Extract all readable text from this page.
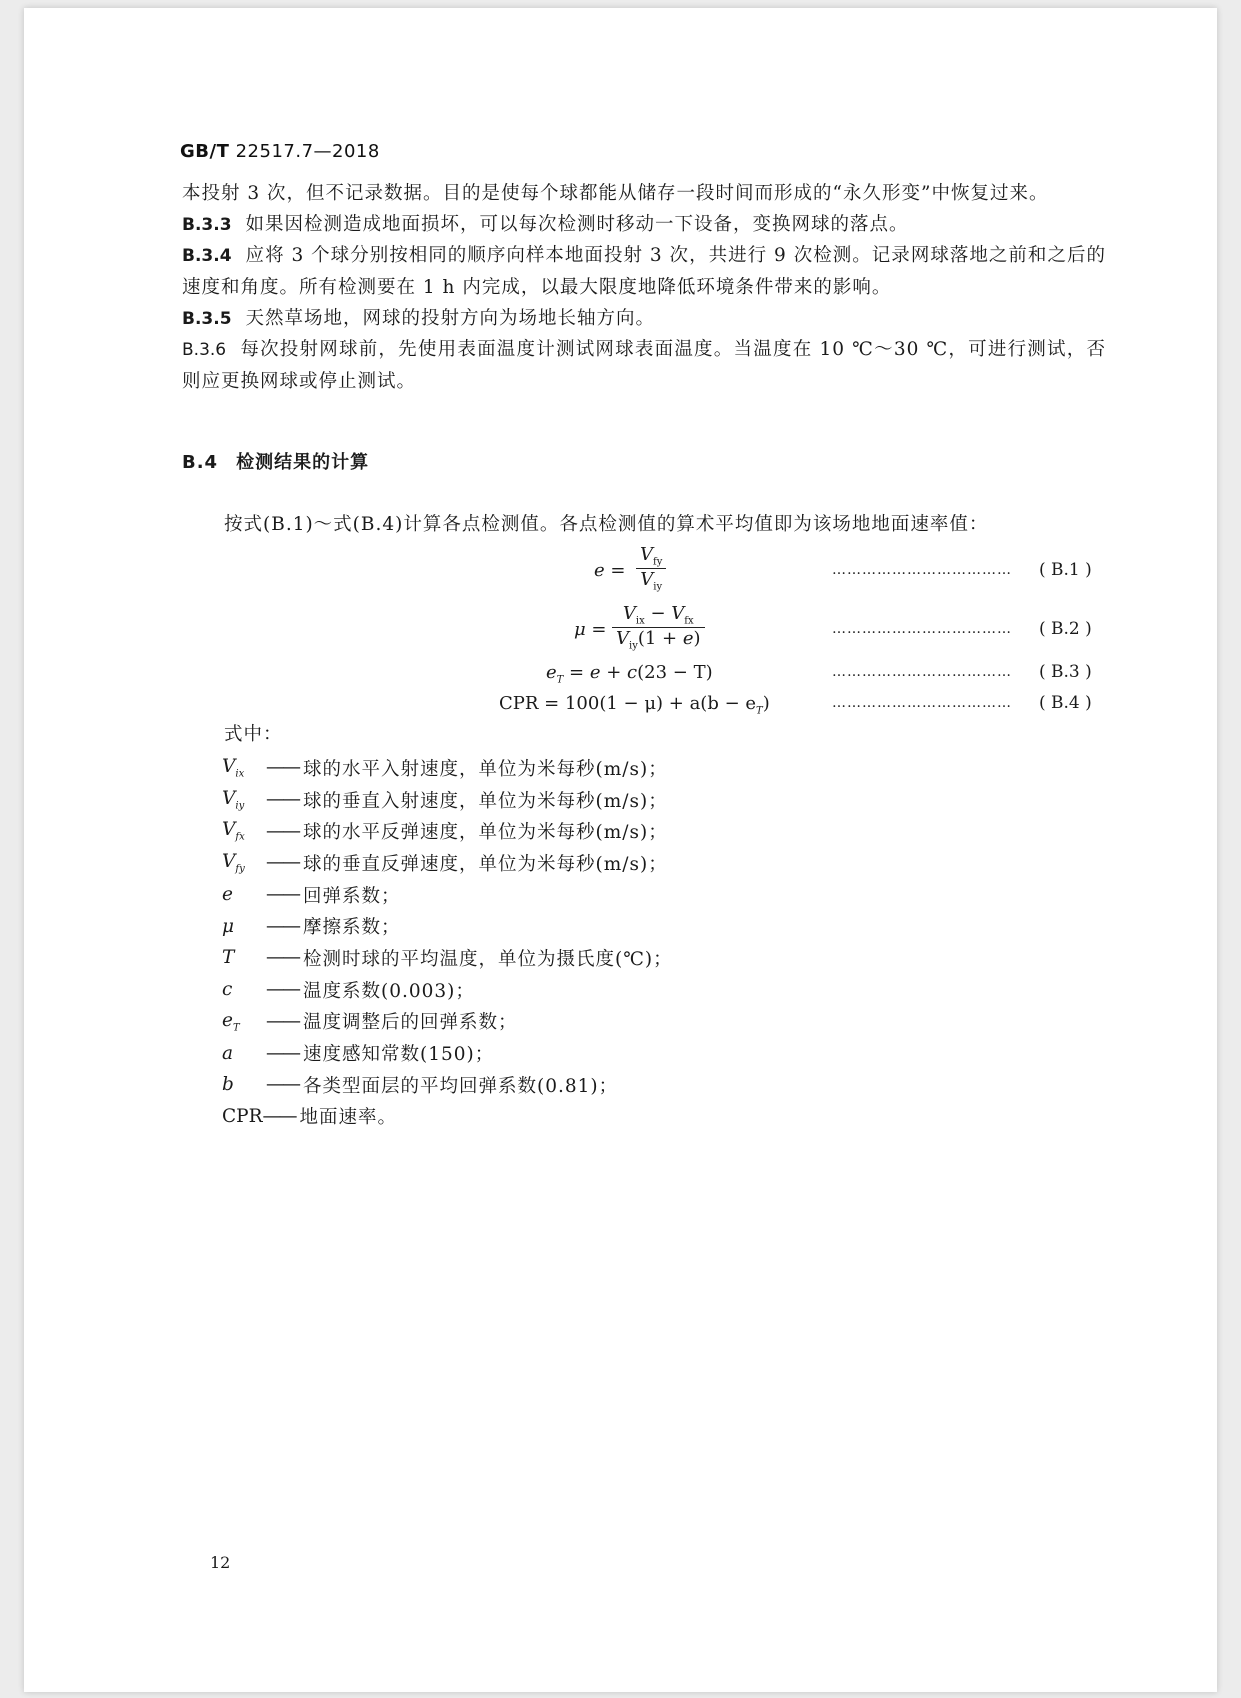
GB/T 22517.7—2018
本投射 3 次，但不记录数据。目的是使每个球都能从储存一段时间而形成的“永久形变”中恢复过来。
B.3.3 如果因检测造成地面损坏，可以每次检测时移动一下设备，变换网球的落点。
B.3.4 应将 3 个球分别按相同的顺序向样本地面投射 3 次，共进行 9 次检测。记录网球落地之前和之后的速度和角度。所有检测要在 1 h 内完成，以最大限度地降低环境条件带来的影响。
B.3.5 天然草场地，网球的投射方向为场地长轴方向。
B.3.6 每次投射网球前，先使用表面温度计测试网球表面温度。当温度在 10 ℃～30 ℃，可进行测试，否则应更换网球或停止测试。
B.4 检测结果的计算
按式(B.1)～式(B.4)计算各点检测值。各点检测值的算术平均值即为该场地地面速率值：
$e = \frac{V_{fy}}{V_{iy}}$	……………………………… ( B.1 )
$\mu = \frac{V_{ix} - V_{fx}}{V_{iy}(1 + e)}$	……………………………… ( B.2 )
$e_T = e + c(23 - T)$	……………………………… ( B.3 )
CPR = $100(1 - \mu) + a(b - e_T)$	……………………………… ( B.4 )
式中：
$V_{ix}$	—— 球的水平入射速度，单位为米每秒(m/s)；
$V_{iy}$	—— 球的垂直入射速度，单位为米每秒(m/s)；
$V_{fx}$	—— 球的水平反弹速度，单位为米每秒(m/s)；
$V_{fy}$	—— 球的垂直反弹速度，单位为米每秒(m/s)；
e	—— 回弹系数；
μ	—— 摩擦系数；
T	—— 检测时球的平均温度，单位为摄氏度(℃)；
c	—— 温度系数(0.003)；
$e_T$	—— 温度调整后的回弹系数；
a	—— 速度感知常数(150)；
b	—— 各类型面层的平均回弹系数(0.81)；
CPR —— 地面速率。
12
